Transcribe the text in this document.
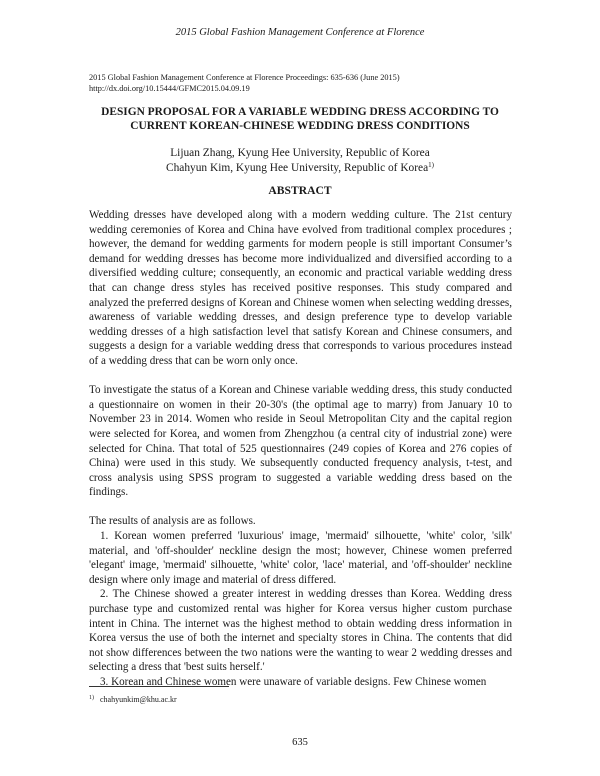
2015 Global Fashion Management Conference at Florence
2015 Global Fashion Management Conference at Florence Proceedings: 635-636 (June 2015)
http://dx.doi.org/10.15444/GFMC2015.04.09.19
DESIGN PROPOSAL FOR A VARIABLE WEDDING DRESS ACCORDING TO
CURRENT KOREAN-CHINESE WEDDING DRESS CONDITIONS
Lijuan Zhang, Kyung Hee University, Republic of Korea
Chahyun Kim, Kyung Hee University, Republic of Korea$^{1)}$
ABSTRACT

Wedding dresses have developed along with a modern wedding culture. The 21st century wedding ceremonies of Korea and China have evolved from traditional complex procedures ; however, the demand for wedding garments for modern people is still important Consumer’s demand for wedding dresses has become more individualized and diversified according to a diversified wedding culture; consequently, an economic and practical variable wedding dress that can change dress styles has received positive responses. This study compared and analyzed the preferred designs of Korean and Chinese women when selecting wedding dresses, awareness of variable wedding dresses, and design preference type to develop variable wedding dresses of a high satisfaction level that satisfy Korean and Chinese consumers, and suggests a design for a variable wedding dress that corresponds to various procedures instead of a wedding dress that can be worn only once.

To investigate the status of a Korean and Chinese variable wedding dress, this study conducted a questionnaire on women in their 20-30's (the optimal age to marry) from January 10 to November 23 in 2014. Women who reside in Seoul Metropolitan City and the capital region were selected for Korea, and women from Zhengzhou (a central city of industrial zone) were selected for China. That total of 525 questionnaires (249 copies of Korea and 276 copies of China) were used in this study. We subsequently conducted frequency analysis, t-test, and cross analysis using SPSS program to suggested a variable wedding dress based on the findings.

The results of analysis are as follows.

1. Korean women preferred 'luxurious' image, 'mermaid' silhouette, 'white' color, 'silk' material, and 'off-shoulder' neckline design the most; however, Chinese women preferred 'elegant' image, 'mermaid' silhouette, 'white' color, 'lace' material, and 'off-shoulder' neckline design where only image and material of dress differed.

2. The Chinese showed a greater interest in wedding dresses than Korea. Wedding dress purchase type and customized rental was higher for Korea versus higher custom purchase intent in China. The internet was the highest method to obtain wedding dress information in Korea versus the use of both the internet and specialty stores in China. The contents that did not show differences between the two nations were the wanting to wear 2 wedding dresses and selecting a dress that 'best suits herself.'

3. Korean and Chinese women were unaware of variable designs. Few Chinese women

$^{1)}$ chahyunkim@khu.ac.kr
635
